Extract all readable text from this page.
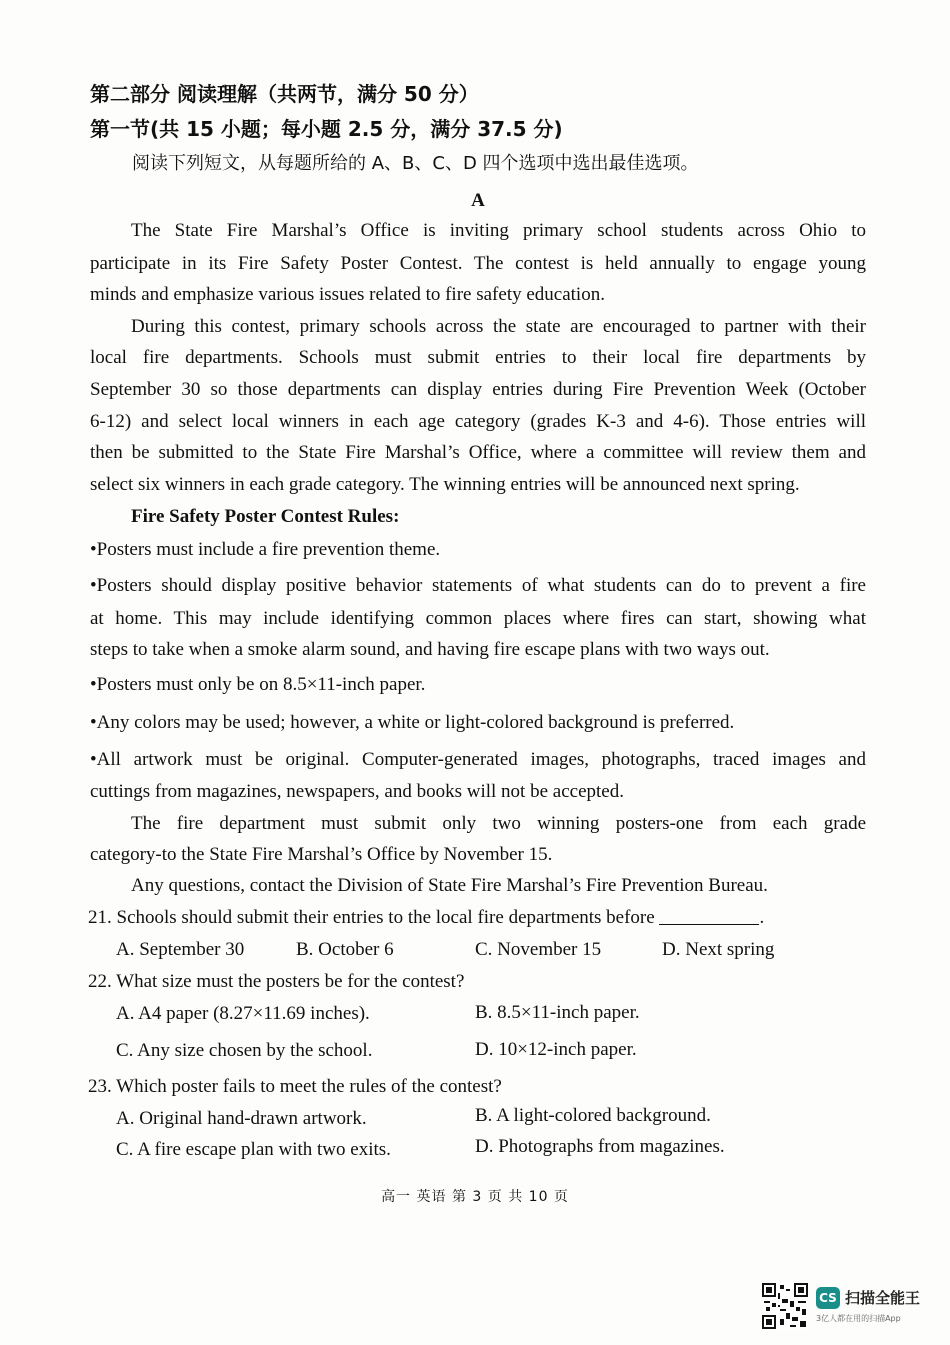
第二部分 阅读理解（共两节，满分 50 分）
第一节(共 15 小题；每小题 2.5 分，满分 37.5 分)
阅读下列短文，从每题所给的 A、B、C、D 四个选项中选出最佳选项。
A
The State Fire Marshal’s Office is inviting primary school students across Ohio to
participate in its Fire Safety Poster Contest. The contest is held annually to engage young
minds and emphasize various issues related to fire safety education.
During this contest, primary schools across the state are encouraged to partner with their
local fire departments. Schools must submit entries to their local fire departments by
September 30 so those departments can display entries during Fire Prevention Week (October
6-12) and select local winners in each age category (grades K-3 and 4-6). Those entries will
then be submitted to the State Fire Marshal’s Office, where a committee will review them and
select six winners in each grade category. The winning entries will be announced next spring.
Fire Safety Poster Contest Rules:
•Posters must include a fire prevention theme.
•Posters should display positive behavior statements of what students can do to prevent a fire
at home. This may include identifying common places where fires can start, showing what
steps to take when a smoke alarm sound, and having fire escape plans with two ways out.
•Posters must only be on 8.5×11-inch paper.
•Any colors may be used; however, a white or light-colored background is preferred.
•All artwork must be original. Computer-generated images, photographs, traced images and
cuttings from magazines, newspapers, and books will not be accepted.
The fire department must submit only two winning posters-one from each grade
category-to the State Fire Marshal’s Office by November 15.
Any questions, contact the Division of State Fire Marshal’s Fire Prevention Bureau.
21. Schools should submit their entries to the local fire departments before	.
A. September 30	B. October 6	C. November 15	D. Next spring
22. What size must the posters be for the contest?
A. A4 paper (8.27×11.69 inches).	B. 8.5×11-inch paper.
C. Any size chosen by the school.	D. 10×12-inch paper.
23. Which poster fails to meet the rules of the contest?
A. Original hand-drawn artwork.	B. A light-colored background.
C. A fire escape plan with two exits.	D. Photographs from magazines.
高一 英语 第 3 页 共 10 页
CS 扫描全能王
3亿人都在用的扫描App
